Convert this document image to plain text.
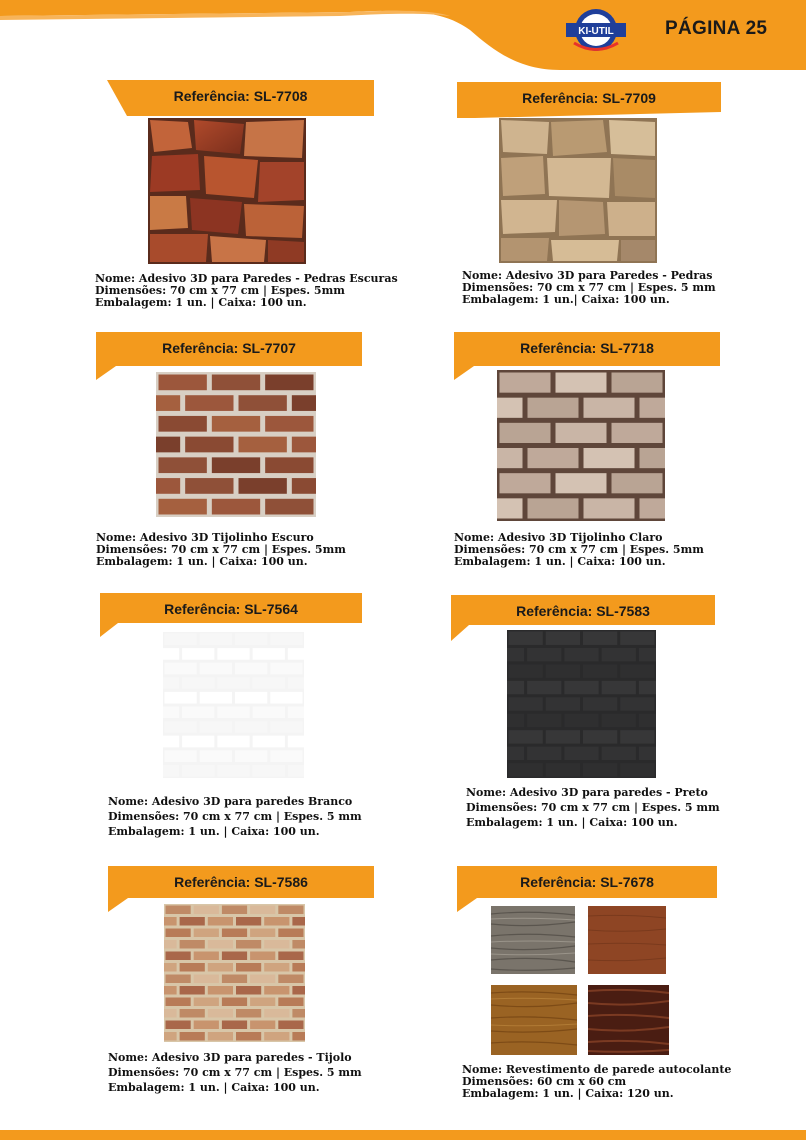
KI-UTIL	PÁGINA 25
Referência: SL-7708
Nome: Adesivo 3D para Paredes - Pedras Escuras
Dimensões: 70 cm x 77 cm | Espes. 5mm
Embalagem: 1 un. | Caixa: 100 un.
Referência: SL-7709
Nome: Adesivo 3D para Paredes - Pedras
Dimensões: 70 cm x 77 cm | Espes. 5 mm
Embalagem: 1 un.| Caixa: 100 un.
Referência: SL-7707
Nome: Adesivo 3D Tijolinho Escuro
Dimensões: 70 cm x 77 cm | Espes. 5mm
Embalagem: 1 un. | Caixa: 100 un.
Referência: SL-7718
Nome: Adesivo 3D Tijolinho Claro
Dimensões: 70 cm x 77 cm | Espes. 5mm
Embalagem: 1 un. | Caixa: 100 un.
Referência: SL-7564
Nome: Adesivo 3D para paredes Branco
Dimensões: 70 cm x 77 cm | Espes. 5 mm
Embalagem: 1 un. | Caixa: 100 un.
Referência: SL-7583
Nome: Adesivo 3D para paredes - Preto
Dimensões: 70 cm x 77 cm | Espes. 5 mm
Embalagem: 1 un. | Caixa: 100 un.
Referência: SL-7586
Nome: Adesivo 3D para paredes - Tijolo
Dimensões: 70 cm x 77 cm | Espes. 5 mm
Embalagem: 1 un. | Caixa: 100 un.
Referência: SL-7678
Nome: Revestimento de parede autocolante
Dimensões: 60 cm x 60 cm
Embalagem: 1 un. | Caixa: 120 un.
